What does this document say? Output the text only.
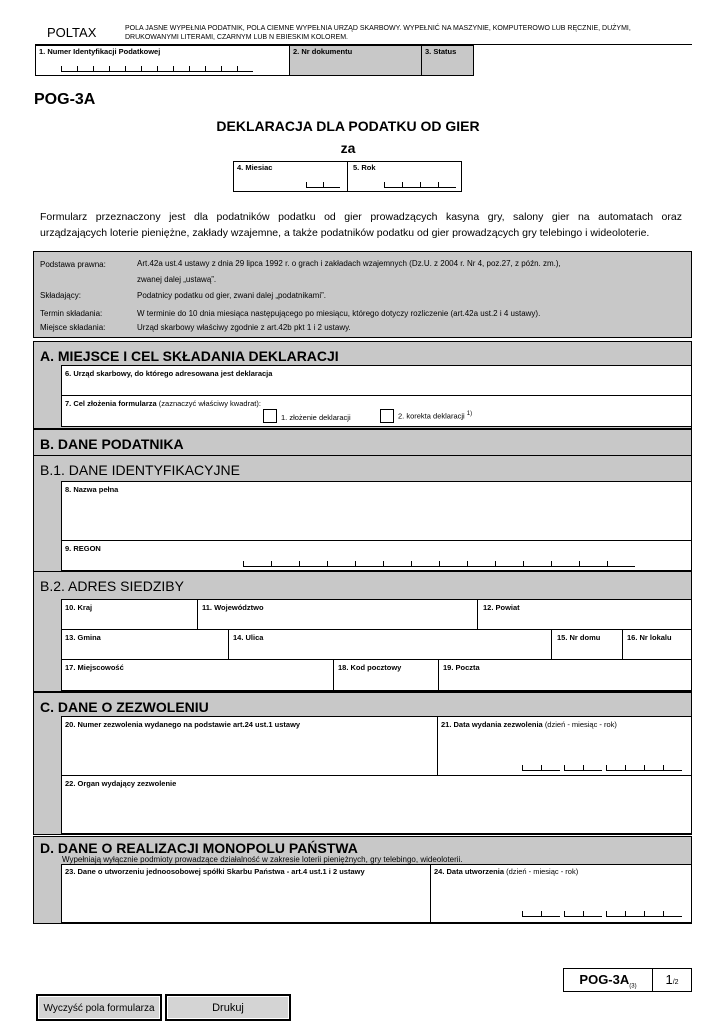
POLTAX	POLA JASNE WYPEŁNIA PODATNIK, POLA CIEMNE WYPEŁNIA URZĄD SKARBOWY. WYPEŁNIĆ NA MASZYNIE, KOMPUTEROWO LUB RĘCZNIE, DUŻYMI,
DRUKOWANYMI LITERAMI, CZARNYM LUB N EBIESKIM KOLOREM.
1. Numer Identyfikacji Podatkowej	2. Nr dokumentu	3. Status
POG-3A
DEKLARACJA DLA PODATKU OD GIER
za
4. Miesiac	5. Rok
Formularz przeznaczony jest dla podatników podatku od gier prowadzących kasyna gry, salony gier na automatach oraz
urządzających loterie pieniężne, zakłady wzajemne, a także podatników podatku od gier prowadzących gry telebingo i wideoloterie.
Podstawa prawna:	Art.42a ust.4 ustawy z dnia 29 lipca 1992 r. o grach i zakładach wzajemnych (Dz.U. z 2004 r. Nr 4, poz.27, z późn. zm.),
zwanej dalej „ustawą”.
Składający:	Podatnicy podatku od gier, zwani dalej „podatnikami”.
Termin składania:	W terminie do 10 dnia miesiąca następującego po miesiącu, którego dotyczy rozliczenie (art.42a ust.2 i 4 ustawy).
Miejsce składania:	Urząd skarbowy właściwy zgodnie z art.42b pkt 1 i 2 ustawy.
A. MIEJSCE I CEL SKŁADANIA DEKLARACJI
6. Urząd skarbowy, do którego adresowana jest deklaracja
7. Cel złożenia formularza (zaznaczyć właściwy kwadrat):
1. złożenie deklaracji	2. korekta deklaracji $^{1)}$
B. DANE PODATNIKA
B.1. DANE IDENTYFIKACYJNE
B.2. ADRES SIEDZIBY
8. Nazwa pełna
9. REGON
10. Kraj	11. Województwo	12. Powiat
13. Gmina	14. Ulica	15. Nr domu	16. Nr lokalu
17. Miejscowość	18. Kod pocztowy	19. Poczta
C. DANE O ZEZWOLENIU
20. Numer zezwolenia wydanego na podstawie art.24 ust.1 ustawy	21. Data wydania zezwolenia (dzień - miesiąc - rok)
22. Organ wydający zezwolenie
D. DANE O REALIZACJI MONOPOLU PAŃSTWA
Wypełniają wyłącznie podmioty prowadzące działalność w zakresie loterii pieniężnych, gry telebingo, wideoloterii.
23. Dane o utworzeniu jednoosobowej spółki Skarbu Państwa - art.4 ust.1 i 2 ustawy	24. Data utworzenia (dzień - miesiąc - rok)
POG-$3A_{(3)}$	1/2
Wyczyść pola formularza	Drukuj
